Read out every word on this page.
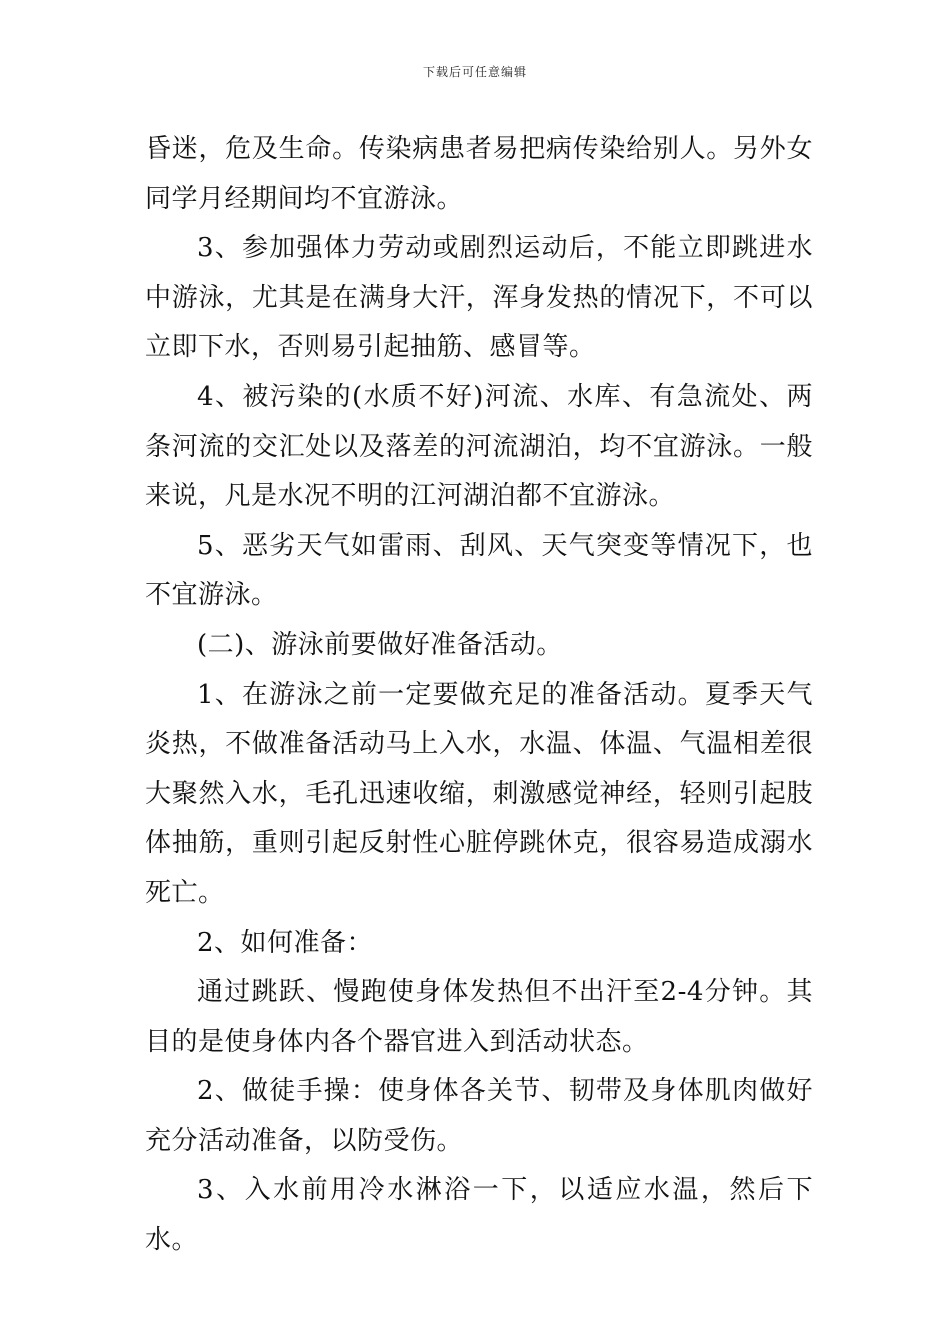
下载后可任意编辑

昏迷，危及生命。传染病患者易把病传染给别人。另外女同学月经期间均不宜游泳。

3、参加强体力劳动或剧烈运动后，不能立即跳进水中游泳，尤其是在满身大汗，浑身发热的情况下，不可以立即下水，否则易引起抽筋、感冒等。

4、被污染的(水质不好)河流、水库、有急流处、两条河流的交汇处以及落差的河流湖泊，均不宜游泳。一般来说，凡是水况不明的江河湖泊都不宜游泳。

5、恶劣天气如雷雨、刮风、天气突变等情况下，也不宜游泳。

(二)、游泳前要做好准备活动。

1、在游泳之前一定要做充足的准备活动。夏季天气炎热，不做准备活动马上入水，水温、体温、气温相差很大聚然入水，毛孔迅速收缩，刺激感觉神经，轻则引起肢体抽筋，重则引起反射性心脏停跳休克，很容易造成溺水死亡。

2、如何准备：

通过跳跃、慢跑使身体发热但不出汗至2-4分钟。其目的是使身体内各个器官进入到活动状态。

2、做徒手操：使身体各关节、韧带及身体肌肉做好充分活动准备，以防受伤。

3、入水前用冷水淋浴一下，以适应水温，然后下水。
